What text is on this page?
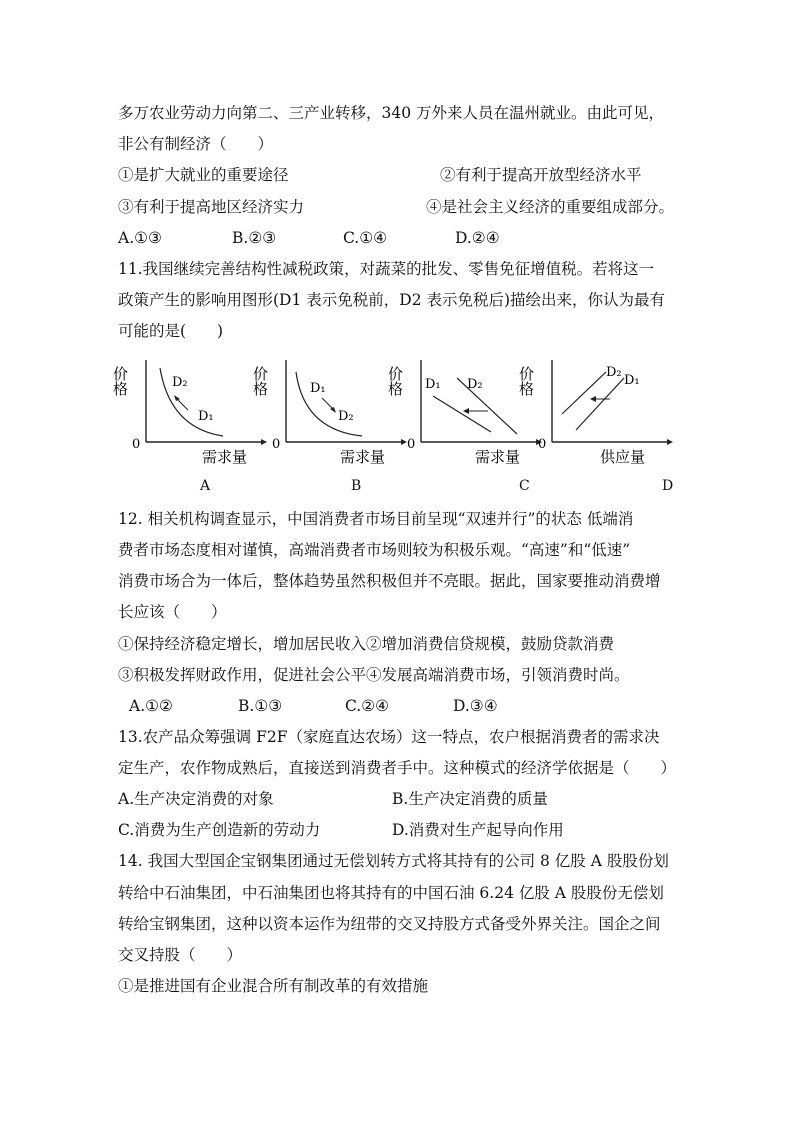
多万农业劳动力向第二、三产业转移，340 万外来人员在温州就业。由此可见，
非公有制经济（　　）
①是扩大就业的重要途径	②有利于提高开放型经济水平
③有利于提高地区经济实力	④是社会主义经济的重要组成部分。
A.①③	B.②③	C.①④	D.②④
11.我国继续完善结构性减税政策，对蔬菜的批发、零售免征增值税。若将这一
政策产生的影响用图形(D1 表示免税前，D2 表示免税后)描绘出来，你认为最有
可能的是(　　)
价格
0
D₂
D₁
需求量
价格
0
D₁
D₂
需求量
价格
0
D₁ D₂
需求量
价格
0
D₂
D₁
供应量
A	B	C	D
12. 相关机构调查显示，中国消费者市场目前呈现“双速并行”的状态 低端消
费者市场态度相对谨慎，高端消费者市场则较为积极乐观。“高速”和“低速”
消费市场合为一体后，整体趋势虽然积极但并不亮眼。据此，国家要推动消费增
长应该（　　）
①保持经济稳定增长，增加居民收入②增加消费信贷规模，鼓励贷款消费
③积极发挥财政作用，促进社会公平④发展高端消费市场，引领消费时尚。
A.①②	B.①③	C.②④	D.③④
13.农产品众筹强调 F2F（家庭直达农场）这一特点，农户根据消费者的需求决
定生产，农作物成熟后，直接送到消费者手中。这种模式的经济学依据是（　　）
A.生产决定消费的对象	B.生产决定消费的质量
C.消费为生产创造新的劳动力	D.消费对生产起导向作用
14. 我国大型国企宝钢集团通过无偿划转方式将其持有的公司 8 亿股 A 股股份划
转给中石油集团，中石油集团也将其持有的中国石油 6.24 亿股 A 股股份无偿划
转给宝钢集团，这种以资本运作为纽带的交叉持股方式备受外界关注。国企之间
交叉持股（　　）
①是推进国有企业混合所有制改革的有效措施
